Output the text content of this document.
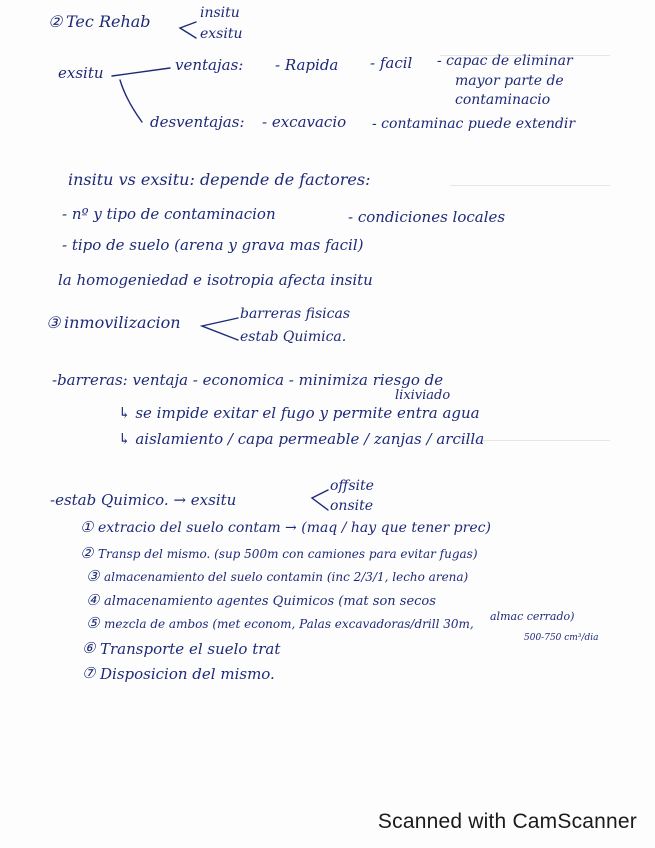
② Tec Rehab	insitu
exsitu
exsitu	ventajas: - Rapida - facil - capac de eliminar
mayor parte de
contaminacio
desventajas: - excavacio - contaminac puede extendir
insitu vs exsitu: depende de factores:
- nº y tipo de contaminacion	- condiciones locales
- tipo de suelo (arena y grava mas facil)
la homogeniedad e isotropia afecta insitu
③ inmovilizacion	barreras fisicas
estab Quimica.
-barreras: ventaja - economica - minimiza riesgo de
lixiviado
↳ se impide exitar el fugo y permite entra agua
↳ aislamiento / capa permeable / zanjas / arcilla
-estab Quimico. → exsitu
offsite
onsite
① extracio del suelo contam → (maq / hay que tener prec)
② Transp del mismo. (sup 500m con camiones para evitar fugas)
③ almacenamiento del suelo contamin (inc 2/3/1, lecho arena)
④ almacenamiento agentes Quimicos (mat son secos
almac cerrado)
⑤ mezcla de ambos (met econom, Palas excavadoras/drill 30m,
500-750 cm³/dia
⑥ Transporte el suelo trat
⑦ Disposicion del mismo.
Scanned with CamScanner
